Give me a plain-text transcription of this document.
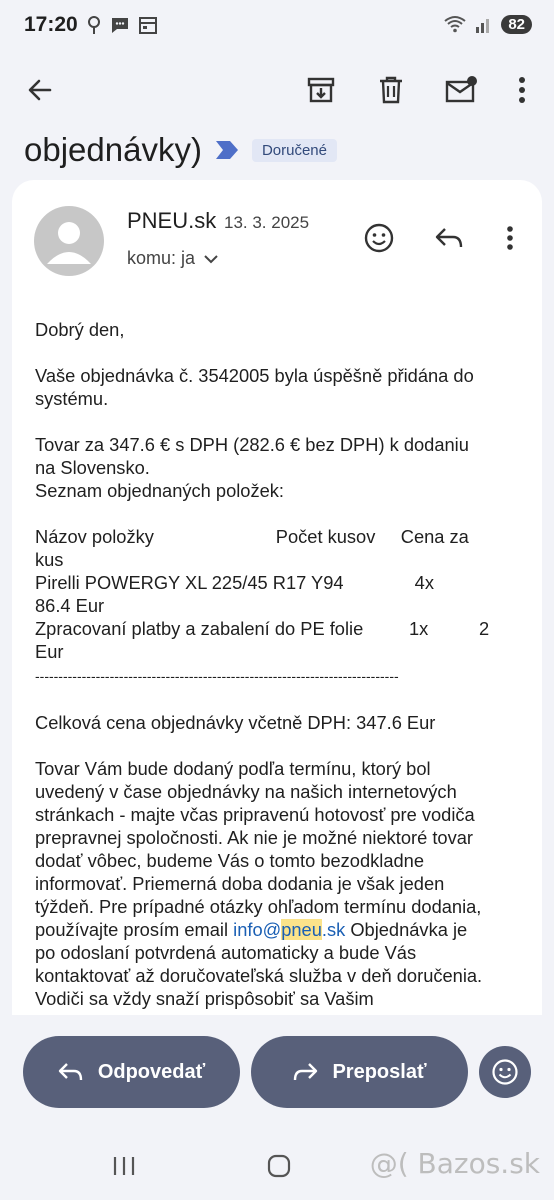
17:20	82
objednávky)	Doručené
PNEU.sk 13. 3. 2025
komu: ja

Dobrý den,

Vaše objednávka č. 3542005 byla úspěšně přidána do
systému.

Tovar za 347.6 € s DPH (282.6 € bez DPH) k dodaniu
na Slovensko.
Seznam objednaných položek:

Názov položky                        Počet kusov     Cena za
kus
Pirelli POWERGY XL 225/45 R17 Y94              4x
86.4 Eur
Zpracovaní platby a zabalení do PE folie         1x          2
Eur
------------------------------------------------------------------------------

Celková cena objednávky včetně DPH: 347.6 Eur

Tovar Vám bude dodaný podľa termínu, ktorý bol
uvedený v čase objednávky na našich internetových
stránkach - majte včas pripravenú hotovosť pre vodiča
prepravnej spoločnosti. Ak nie je možné niektoré tovar
dodať vôbec, budeme Vás o tomto bezodkladne
informovať. Priemerná doba dodania je však jeden
týždeň. Pre prípadné otázky ohľadom termínu dodania,
používajte prosím email info@pneu.sk Objednávka je
po odoslaní potvrdená automaticky a bude Vás
kontaktovať až doručovateľská služba v deň doručenia.
Vodiči sa vždy snaží prispôsobiť sa Vašim

Odpovedať	Preposlať
@( Bazos.sk
